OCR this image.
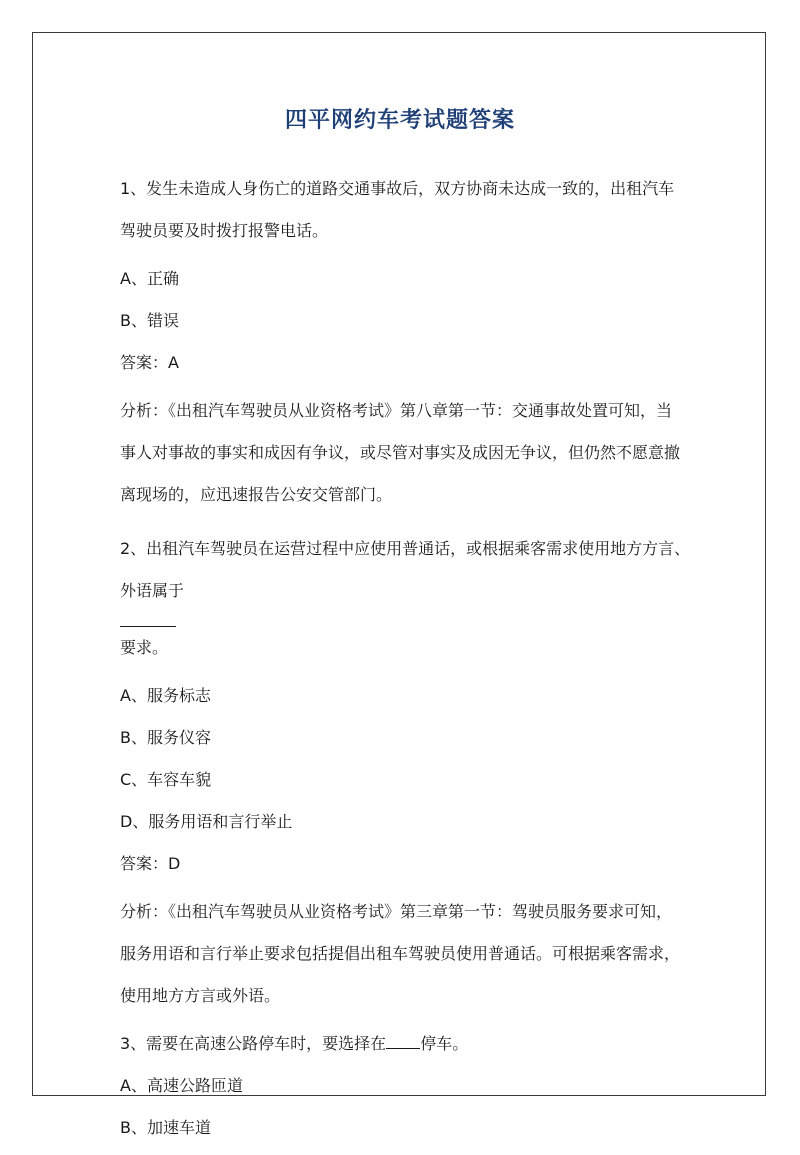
四平网约车考试题答案
1、发生未造成人身伤亡的道路交通事故后，双方协商未达成一致的，出租汽车
驾驶员要及时拨打报警电话。
A、正确
B、错误
答案：A
分析：《出租汽车驾驶员从业资格考试》第八章第一节：交通事故处置可知，当
事人对事故的事实和成因有争议，或尽管对事实及成因无争议，但仍然不愿意撤
离现场的，应迅速报告公安交管部门。
2、出租汽车驾驶员在运营过程中应使用普通话，或根据乘客需求使用地方方言、
外语属于
要求。
A、服务标志
B、服务仪容
C、车容车貌
D、服务用语和言行举止
答案：D
分析：《出租汽车驾驶员从业资格考试》第三章第一节：驾驶员服务要求可知，
服务用语和言行举止要求包括提倡出租车驾驶员使用普通话。可根据乘客需求，
使用地方方言或外语。
3、需要在高速公路停车时，要选择在 停车。
A、高速公路匝道
B、加速车道
